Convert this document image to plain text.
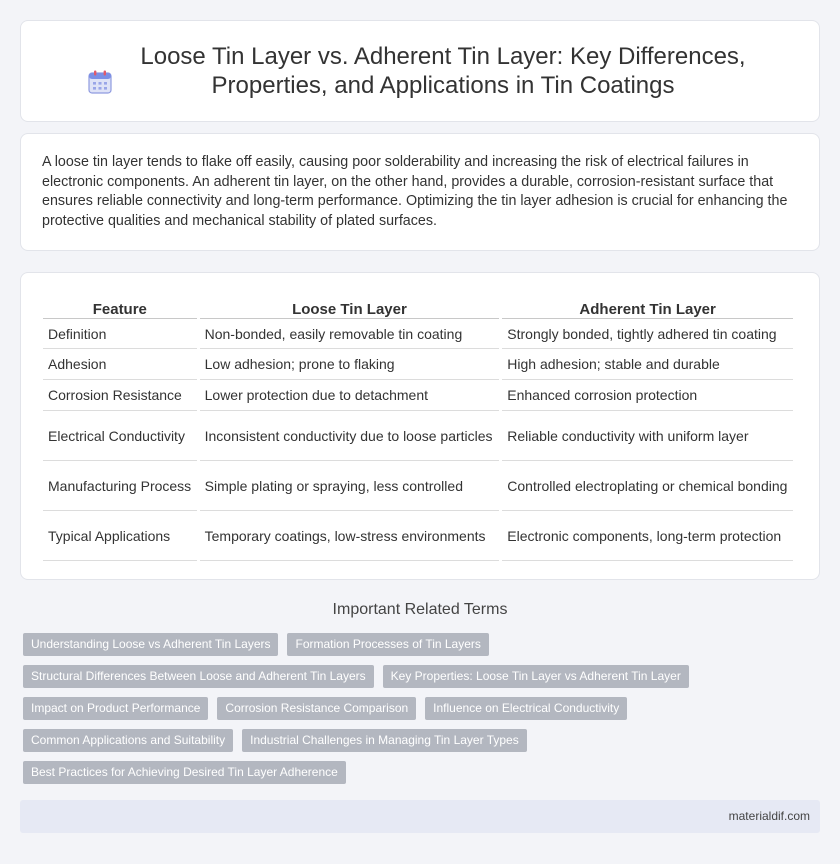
Loose Tin Layer vs. Adherent Tin Layer: Key Differences, Properties, and Applications in Tin Coatings

A loose tin layer tends to flake off easily, causing poor solderability and increasing the risk of electrical failures in electronic components. An adherent tin layer, on the other hand, provides a durable, corrosion-resistant surface that ensures reliable connectivity and long-term performance. Optimizing the tin layer adhesion is crucial for enhancing the protective qualities and mechanical stability of plated surfaces.

Feature	Loose Tin Layer	Adherent Tin Layer
Definition	Non-bonded, easily removable tin coating	Strongly bonded, tightly adhered tin coating
Adhesion	Low adhesion; prone to flaking	High adhesion; stable and durable
Corrosion Resistance	Lower protection due to detachment	Enhanced corrosion protection
Electrical Conductivity	Inconsistent conductivity due to loose particles	Reliable conductivity with uniform layer
Manufacturing Process	Simple plating or spraying, less controlled	Controlled electroplating or chemical bonding
Typical Applications	Temporary coatings, low-stress environments	Electronic components, long-term protection
Important Related Terms
Understanding Loose vs Adherent Tin Layers	Formation Processes of Tin Layers
Structural Differences Between Loose and Adherent Tin Layers	Key Properties: Loose Tin Layer vs Adherent Tin Layer
Impact on Product Performance	Corrosion Resistance Comparison	Influence on Electrical Conductivity
Common Applications and Suitability	Industrial Challenges in Managing Tin Layer Types
Best Practices for Achieving Desired Tin Layer Adherence
materialdif.com
